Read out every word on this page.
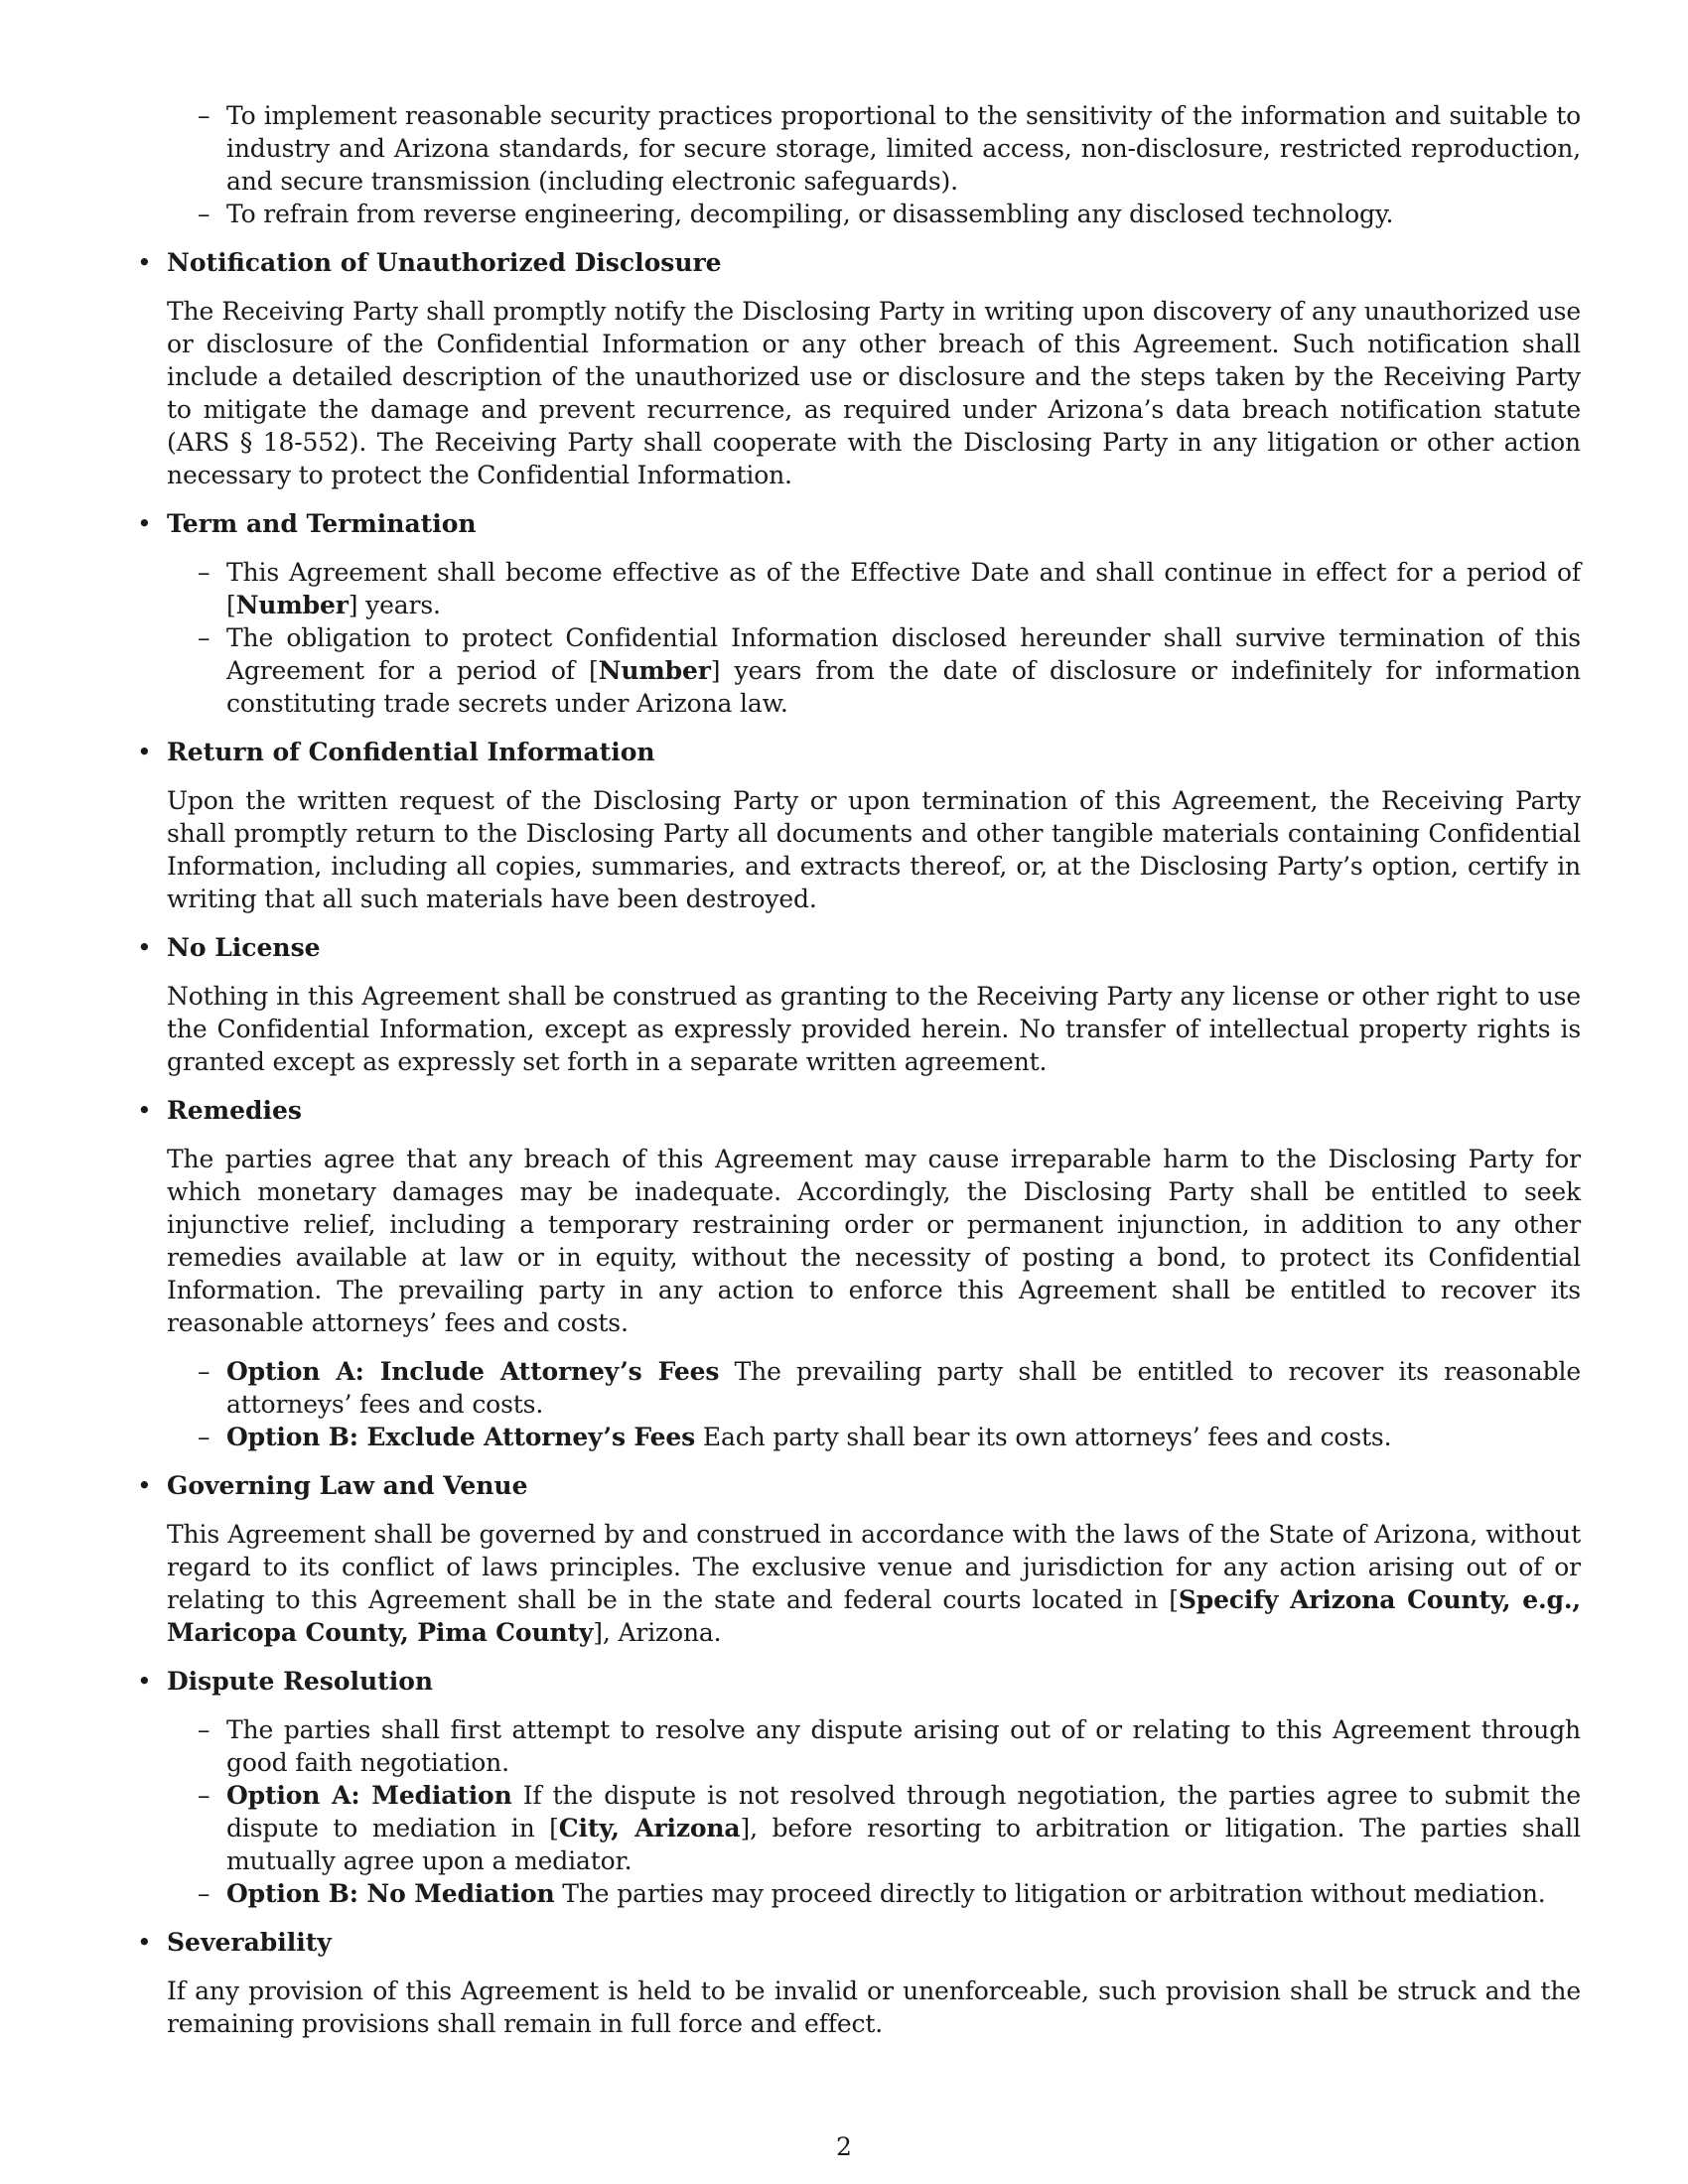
– To implement reasonable security practices proportional to the sensitivity of the information and suitable to industry and Arizona standards, for secure storage, limited access, non-disclosure, restricted reproduction, and secure transmission (including electronic safeguards).
– To refrain from reverse engineering, decompiling, or disassembling any disclosed technology.
• Notification of Unauthorized Disclosure
The Receiving Party shall promptly notify the Disclosing Party in writing upon discovery of any unauthorized use or disclosure of the Confidential Information or any other breach of this Agreement. Such notification shall include a detailed description of the unauthorized use or disclosure and the steps taken by the Receiving Party to mitigate the damage and prevent recurrence, as required under Arizona’s data breach notification statute (ARS § 18-552). The Receiving Party shall cooperate with the Disclosing Party in any litigation or other action necessary to protect the Confidential Information.
• Term and Termination
– This Agreement shall become effective as of the Effective Date and shall continue in effect for a period of [Number] years.
– The obligation to protect Confidential Information disclosed hereunder shall survive termination of this Agreement for a period of [Number] years from the date of disclosure or indefinitely for information constituting trade secrets under Arizona law.
• Return of Confidential Information
Upon the written request of the Disclosing Party or upon termination of this Agreement, the Receiving Party shall promptly return to the Disclosing Party all documents and other tangible materials containing Confidential Information, including all copies, summaries, and extracts thereof, or, at the Disclosing Party’s option, certify in writing that all such materials have been destroyed.
• No License
Nothing in this Agreement shall be construed as granting to the Receiving Party any license or other right to use the Confidential Information, except as expressly provided herein. No transfer of intellectual property rights is granted except as expressly set forth in a separate written agreement.
• Remedies
The parties agree that any breach of this Agreement may cause irreparable harm to the Disclosing Party for which monetary damages may be inadequate. Accordingly, the Disclosing Party shall be entitled to seek injunctive relief, including a temporary restraining order or permanent injunction, in addition to any other remedies available at law or in equity, without the necessity of posting a bond, to protect its Confidential Information. The prevailing party in any action to enforce this Agreement shall be entitled to recover its reasonable attorneys’ fees and costs.
– Option A: Include Attorney’s Fees The prevailing party shall be entitled to recover its reasonable attorneys’ fees and costs.
– Option B: Exclude Attorney’s Fees Each party shall bear its own attorneys’ fees and costs.
• Governing Law and Venue
This Agreement shall be governed by and construed in accordance with the laws of the State of Arizona, without regard to its conflict of laws principles. The exclusive venue and jurisdiction for any action arising out of or relating to this Agreement shall be in the state and federal courts located in [Specify Arizona County, e.g., Maricopa County, Pima County], Arizona.
• Dispute Resolution
– The parties shall first attempt to resolve any dispute arising out of or relating to this Agreement through good faith negotiation.
– Option A: Mediation If the dispute is not resolved through negotiation, the parties agree to submit the dispute to mediation in [City, Arizona], before resorting to arbitration or litigation. The parties shall mutually agree upon a mediator.
– Option B: No Mediation The parties may proceed directly to litigation or arbitration without mediation.
• Severability
If any provision of this Agreement is held to be invalid or unenforceable, such provision shall be struck and the remaining provisions shall remain in full force and effect.
2
